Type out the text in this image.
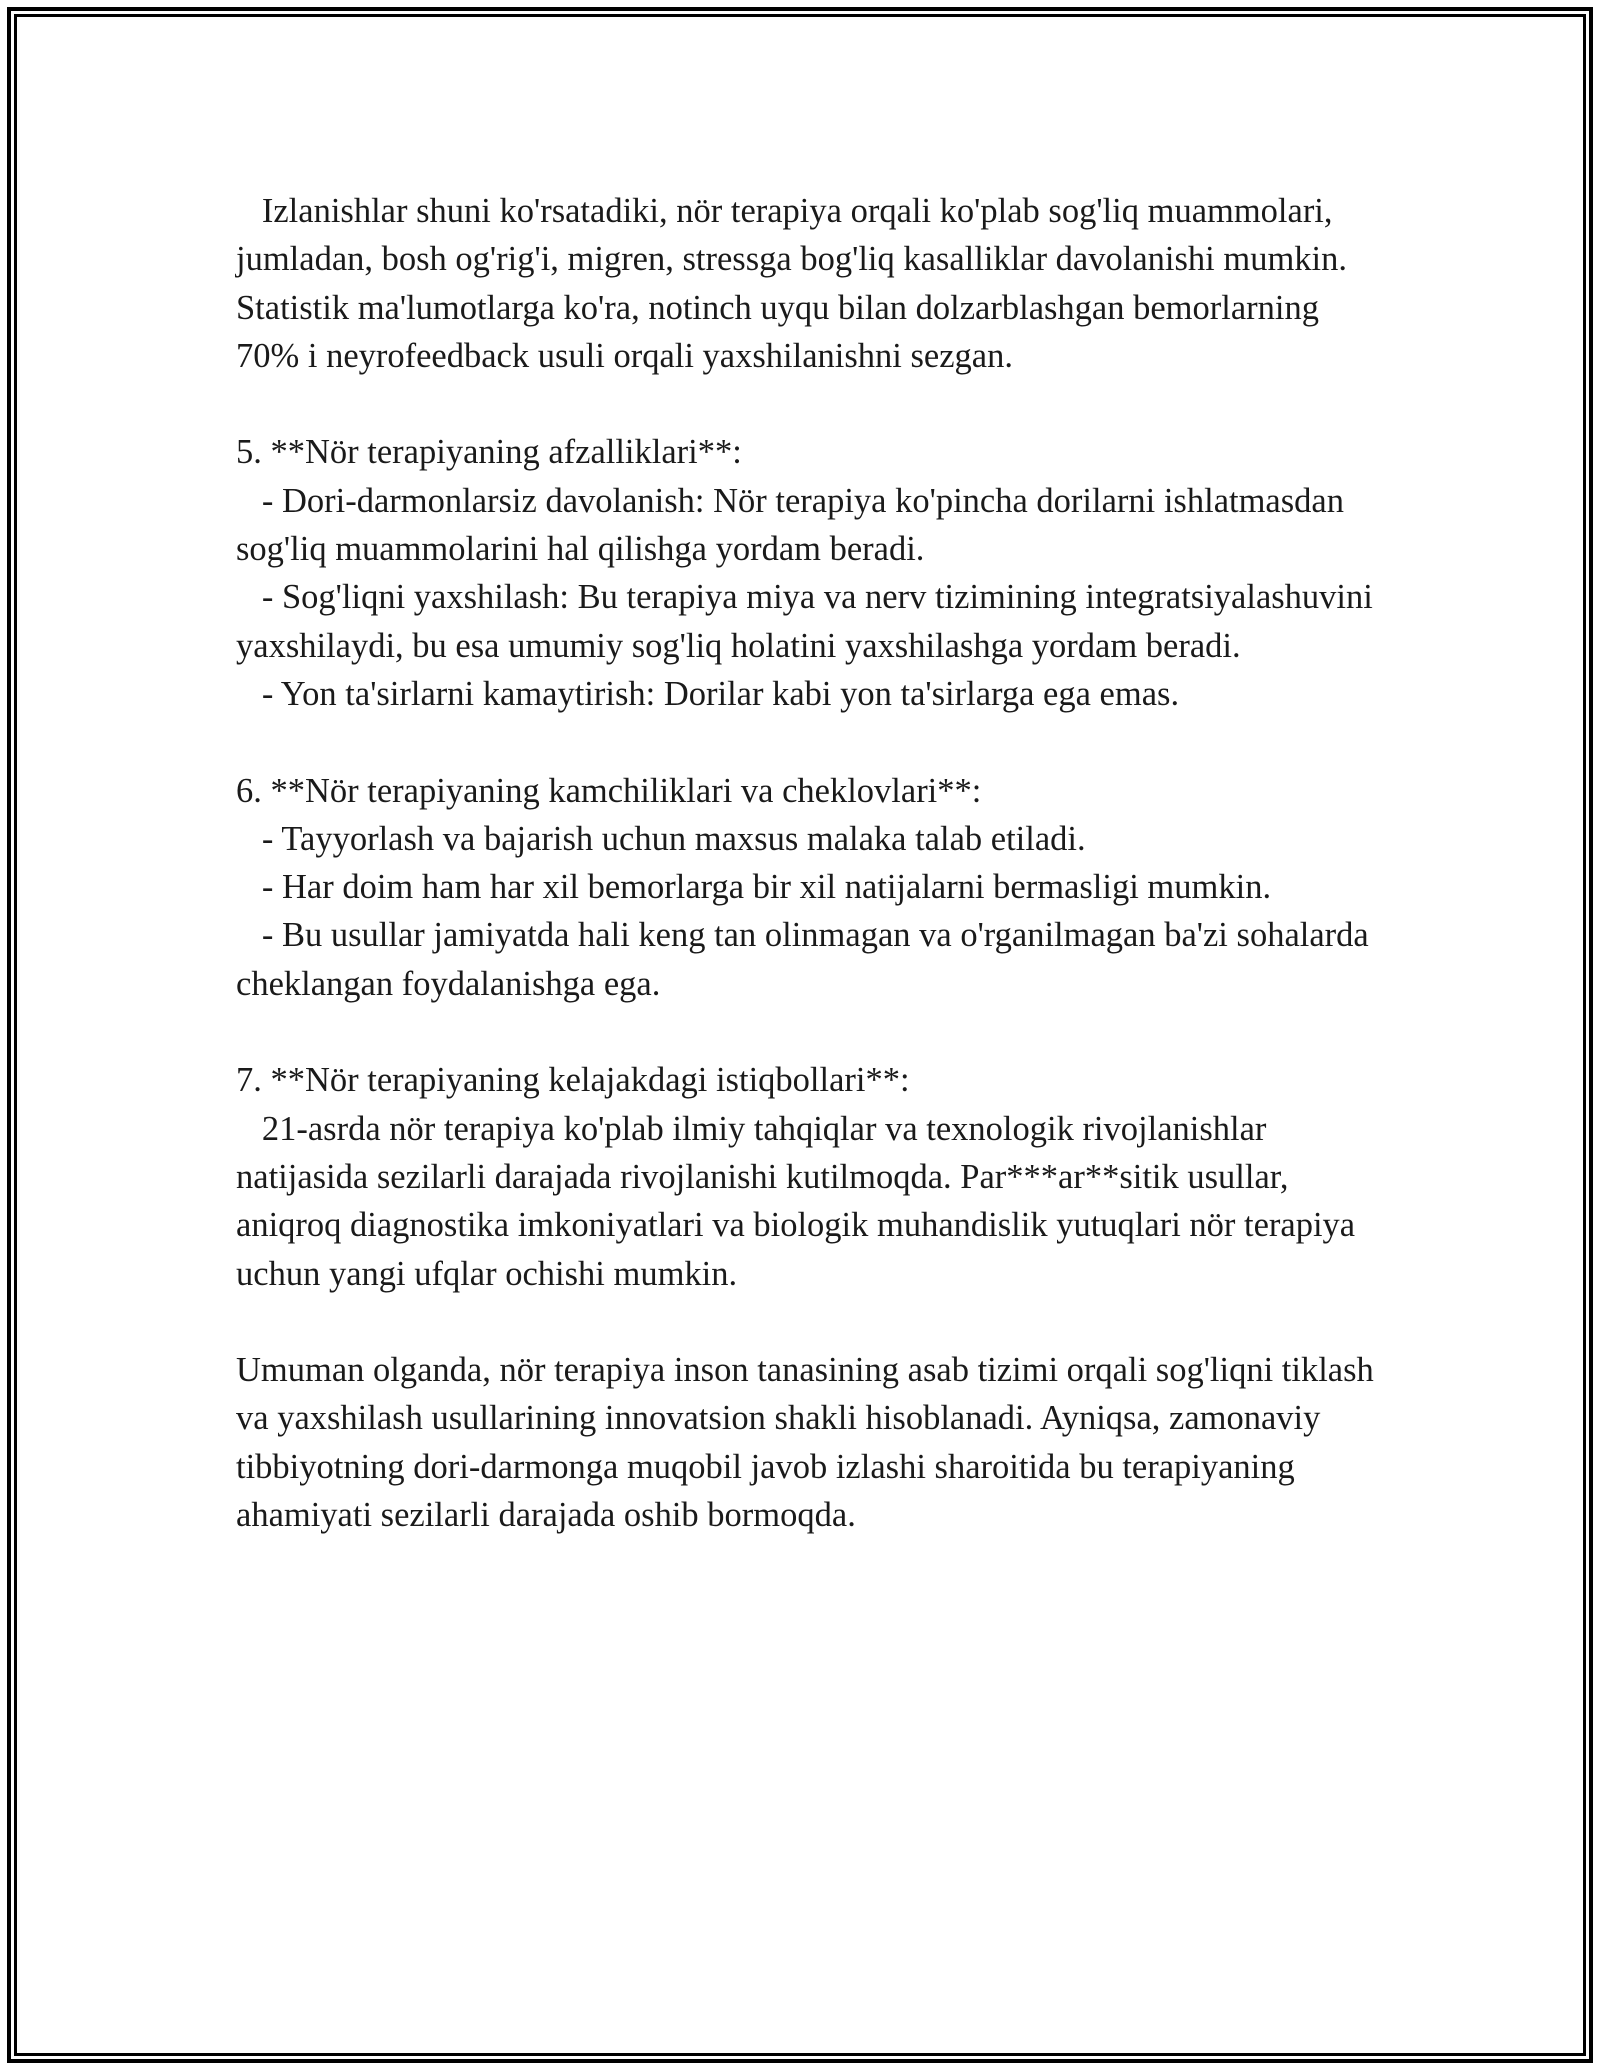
Izlanishlar shuni ko'rsatadiki, nör terapiya orqali ko'plab sog'liq muammolari, jumladan, bosh og'rig'i, migren, stressga bog'liq kasalliklar davolanishi mumkin. Statistik ma'lumotlarga ko'ra, notinch uyqu bilan dolzarblashgan bemorlarning 70% i neyrofeedback usuli orqali yaxshilanishni sezgan.

5. **Nör terapiyaning afzalliklari**:

- Dori-darmonlarsiz davolanish: Nör terapiya ko'pincha dorilarni ishlatmasdan sog'liq muammolarini hal qilishga yordam beradi.

- Sog'liqni yaxshilash: Bu terapiya miya va nerv tizimining integratsiyalashuvini yaxshilaydi, bu esa umumiy sog'liq holatini yaxshilashga yordam beradi.

- Yon ta'sirlarni kamaytirish: Dorilar kabi yon ta'sirlarga ega emas.

6. **Nör terapiyaning kamchiliklari va cheklovlari**:

- Tayyorlash va bajarish uchun maxsus malaka talab etiladi.

- Har doim ham har xil bemorlarga bir xil natijalarni bermasligi mumkin.

- Bu usullar jamiyatda hali keng tan olinmagan va o'rganilmagan ba'zi sohalarda cheklangan foydalanishga ega.

7. **Nör terapiyaning kelajakdagi istiqbollari**:

21-asrda nör terapiya ko'plab ilmiy tahqiqlar va texnologik rivojlanishlar natijasida sezilarli darajada rivojlanishi kutilmoqda. Par***ar**sitik usullar, aniqroq diagnostika imkoniyatlari va biologik muhandislik yutuqlari nör terapiya uchun yangi ufqlar ochishi mumkin.

Umuman olganda, nör terapiya inson tanasining asab tizimi orqali sog'liqni tiklash va yaxshilash usullarining innovatsion shakli hisoblanadi. Ayniqsa, zamonaviy tibbiyotning dori-darmonga muqobil javob izlashi sharoitida bu terapiyaning ahamiyati sezilarli darajada oshib bormoqda.
